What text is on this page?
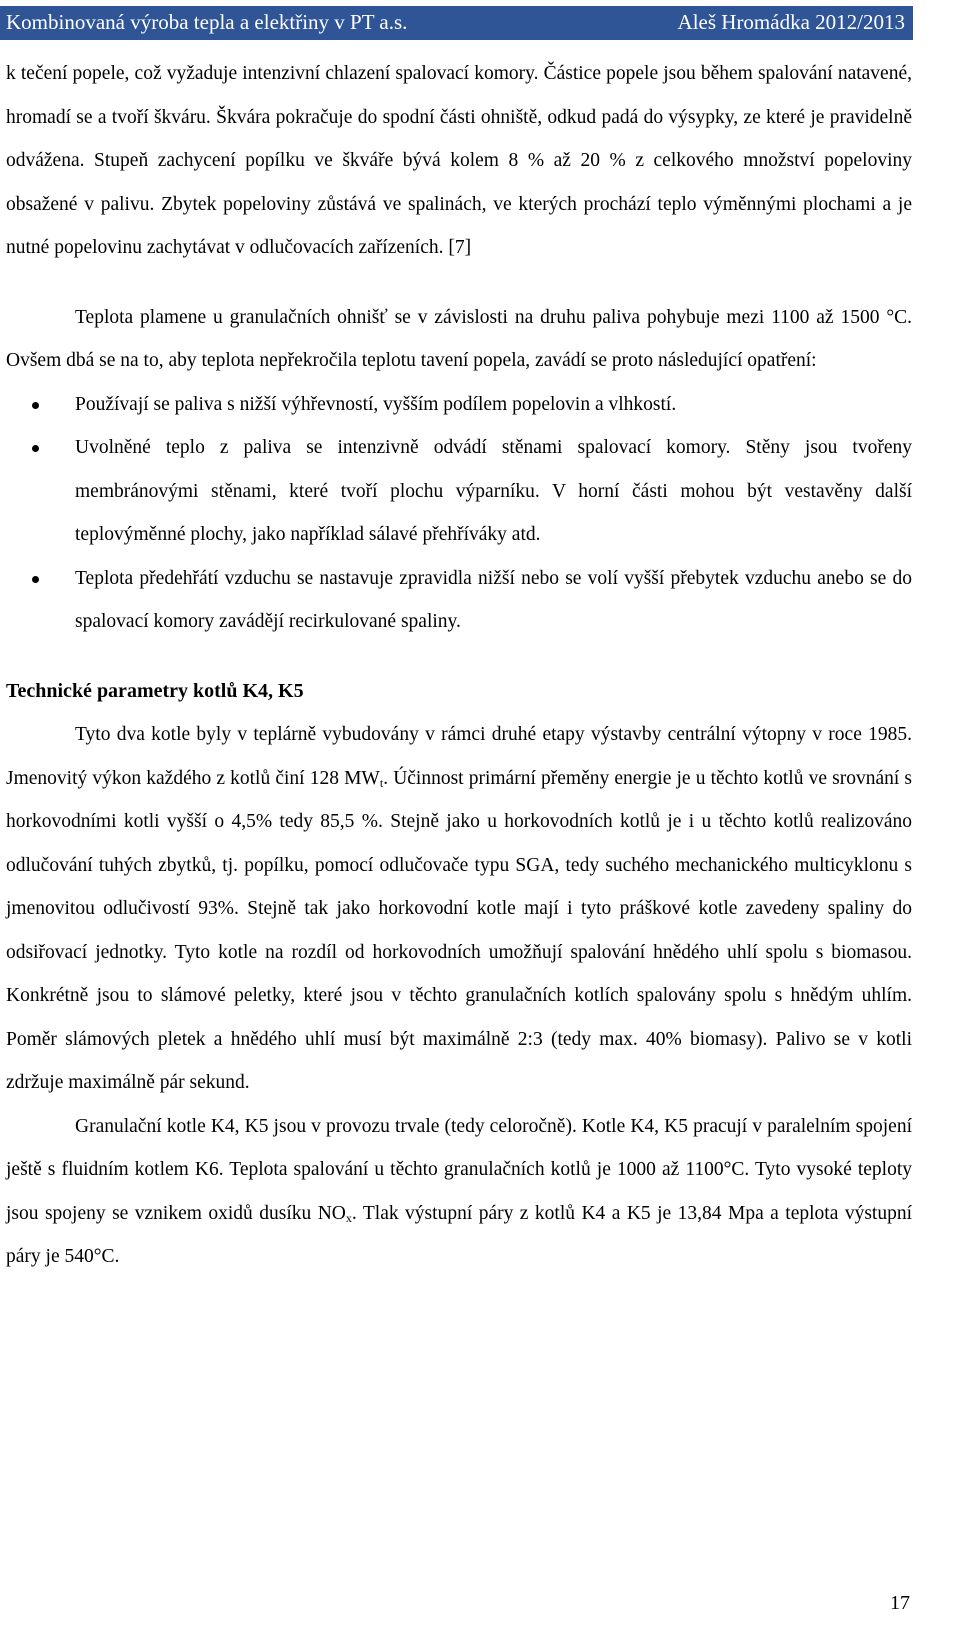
Kombinovaná výroba tepla a elektřiny v PT a.s.	Aleš Hromádka 2012/2013

k tečení popele, což vyžaduje intenzivní chlazení spalovací komory. Částice popele jsou během spalování natavené, hromadí se a tvoří škváru. Škvára pokračuje do spodní části ohniště, odkud padá do výsypky, ze které je pravidelně odvážena. Stupeň zachycení popílku ve škváře bývá kolem 8 % až 20 % z celkového množství popeloviny obsažené v palivu. Zbytek popeloviny zůstává ve spalinách, ve kterých prochází teplo výměnnými plochami a je nutné popelovinu zachytávat v odlučovacích zařízeních. [7]

Teplota plamene u granulačních ohnišť se v závislosti na druhu paliva pohybuje mezi 1100 až 1500 °C. Ovšem dbá se na to, aby teplota nepřekročila teplotu tavení popela, zavádí se proto následující opatření:

Používají se paliva s nižší výhřevností, vyšším podílem popelovin a vlhkostí.
Uvolněné teplo z paliva se intenzivně odvádí stěnami spalovací komory. Stěny jsou tvořeny membránovými stěnami, které tvoří plochu výparníku. V horní části mohou být vestavěny další teplovýměnné plochy, jako například sálavé přehříváky atd.
Teplota předehřátí vzduchu se nastavuje zpravidla nižší nebo se volí vyšší přebytek vzduchu anebo se do spalovací komory zavádějí recirkulované spaliny.
Technické parametry kotlů K4, K5

Tyto dva kotle byly v teplárně vybudovány v rámci druhé etapy výstavby centrální výtopny v roce 1985. Jmenovitý výkon každého z kotlů činí 128 $MW_t$. Účinnost primární přeměny energie je u těchto kotlů ve srovnání s horkovodními kotli vyšší o 4,5% tedy 85,5 %. Stejně jako u horkovodních kotlů je i u těchto kotlů realizováno odlučování tuhých zbytků, tj. popílku, pomocí odlučovače typu SGA, tedy suchého mechanického multicyklonu s jmenovitou odlučivostí 93%. Stejně tak jako horkovodní kotle mají i tyto práškové kotle zavedeny spaliny do odsiřovací jednotky. Tyto kotle na rozdíl od horkovodních umožňují spalování hnědého uhlí spolu s biomasou. Konkrétně jsou to slámové peletky, které jsou v těchto granulačních kotlích spalovány spolu s hnědým uhlím. Poměr slámových pletek a hnědého uhlí musí být maximálně 2:3 (tedy max. 40% biomasy). Palivo se v kotli zdržuje maximálně pár sekund.

Granulační kotle K4, K5 jsou v provozu trvale (tedy celoročně). Kotle K4, K5 pracují v paralelním spojení ještě s fluidním kotlem K6. Teplota spalování u těchto granulačních kotlů je 1000 až 1100°C. Tyto vysoké teploty jsou spojeny se vznikem oxidů dusíku $NO_x$. Tlak výstupní páry z kotlů K4 a K5 je 13,84 Mpa a teplota výstupní páry je 540°C.

17
